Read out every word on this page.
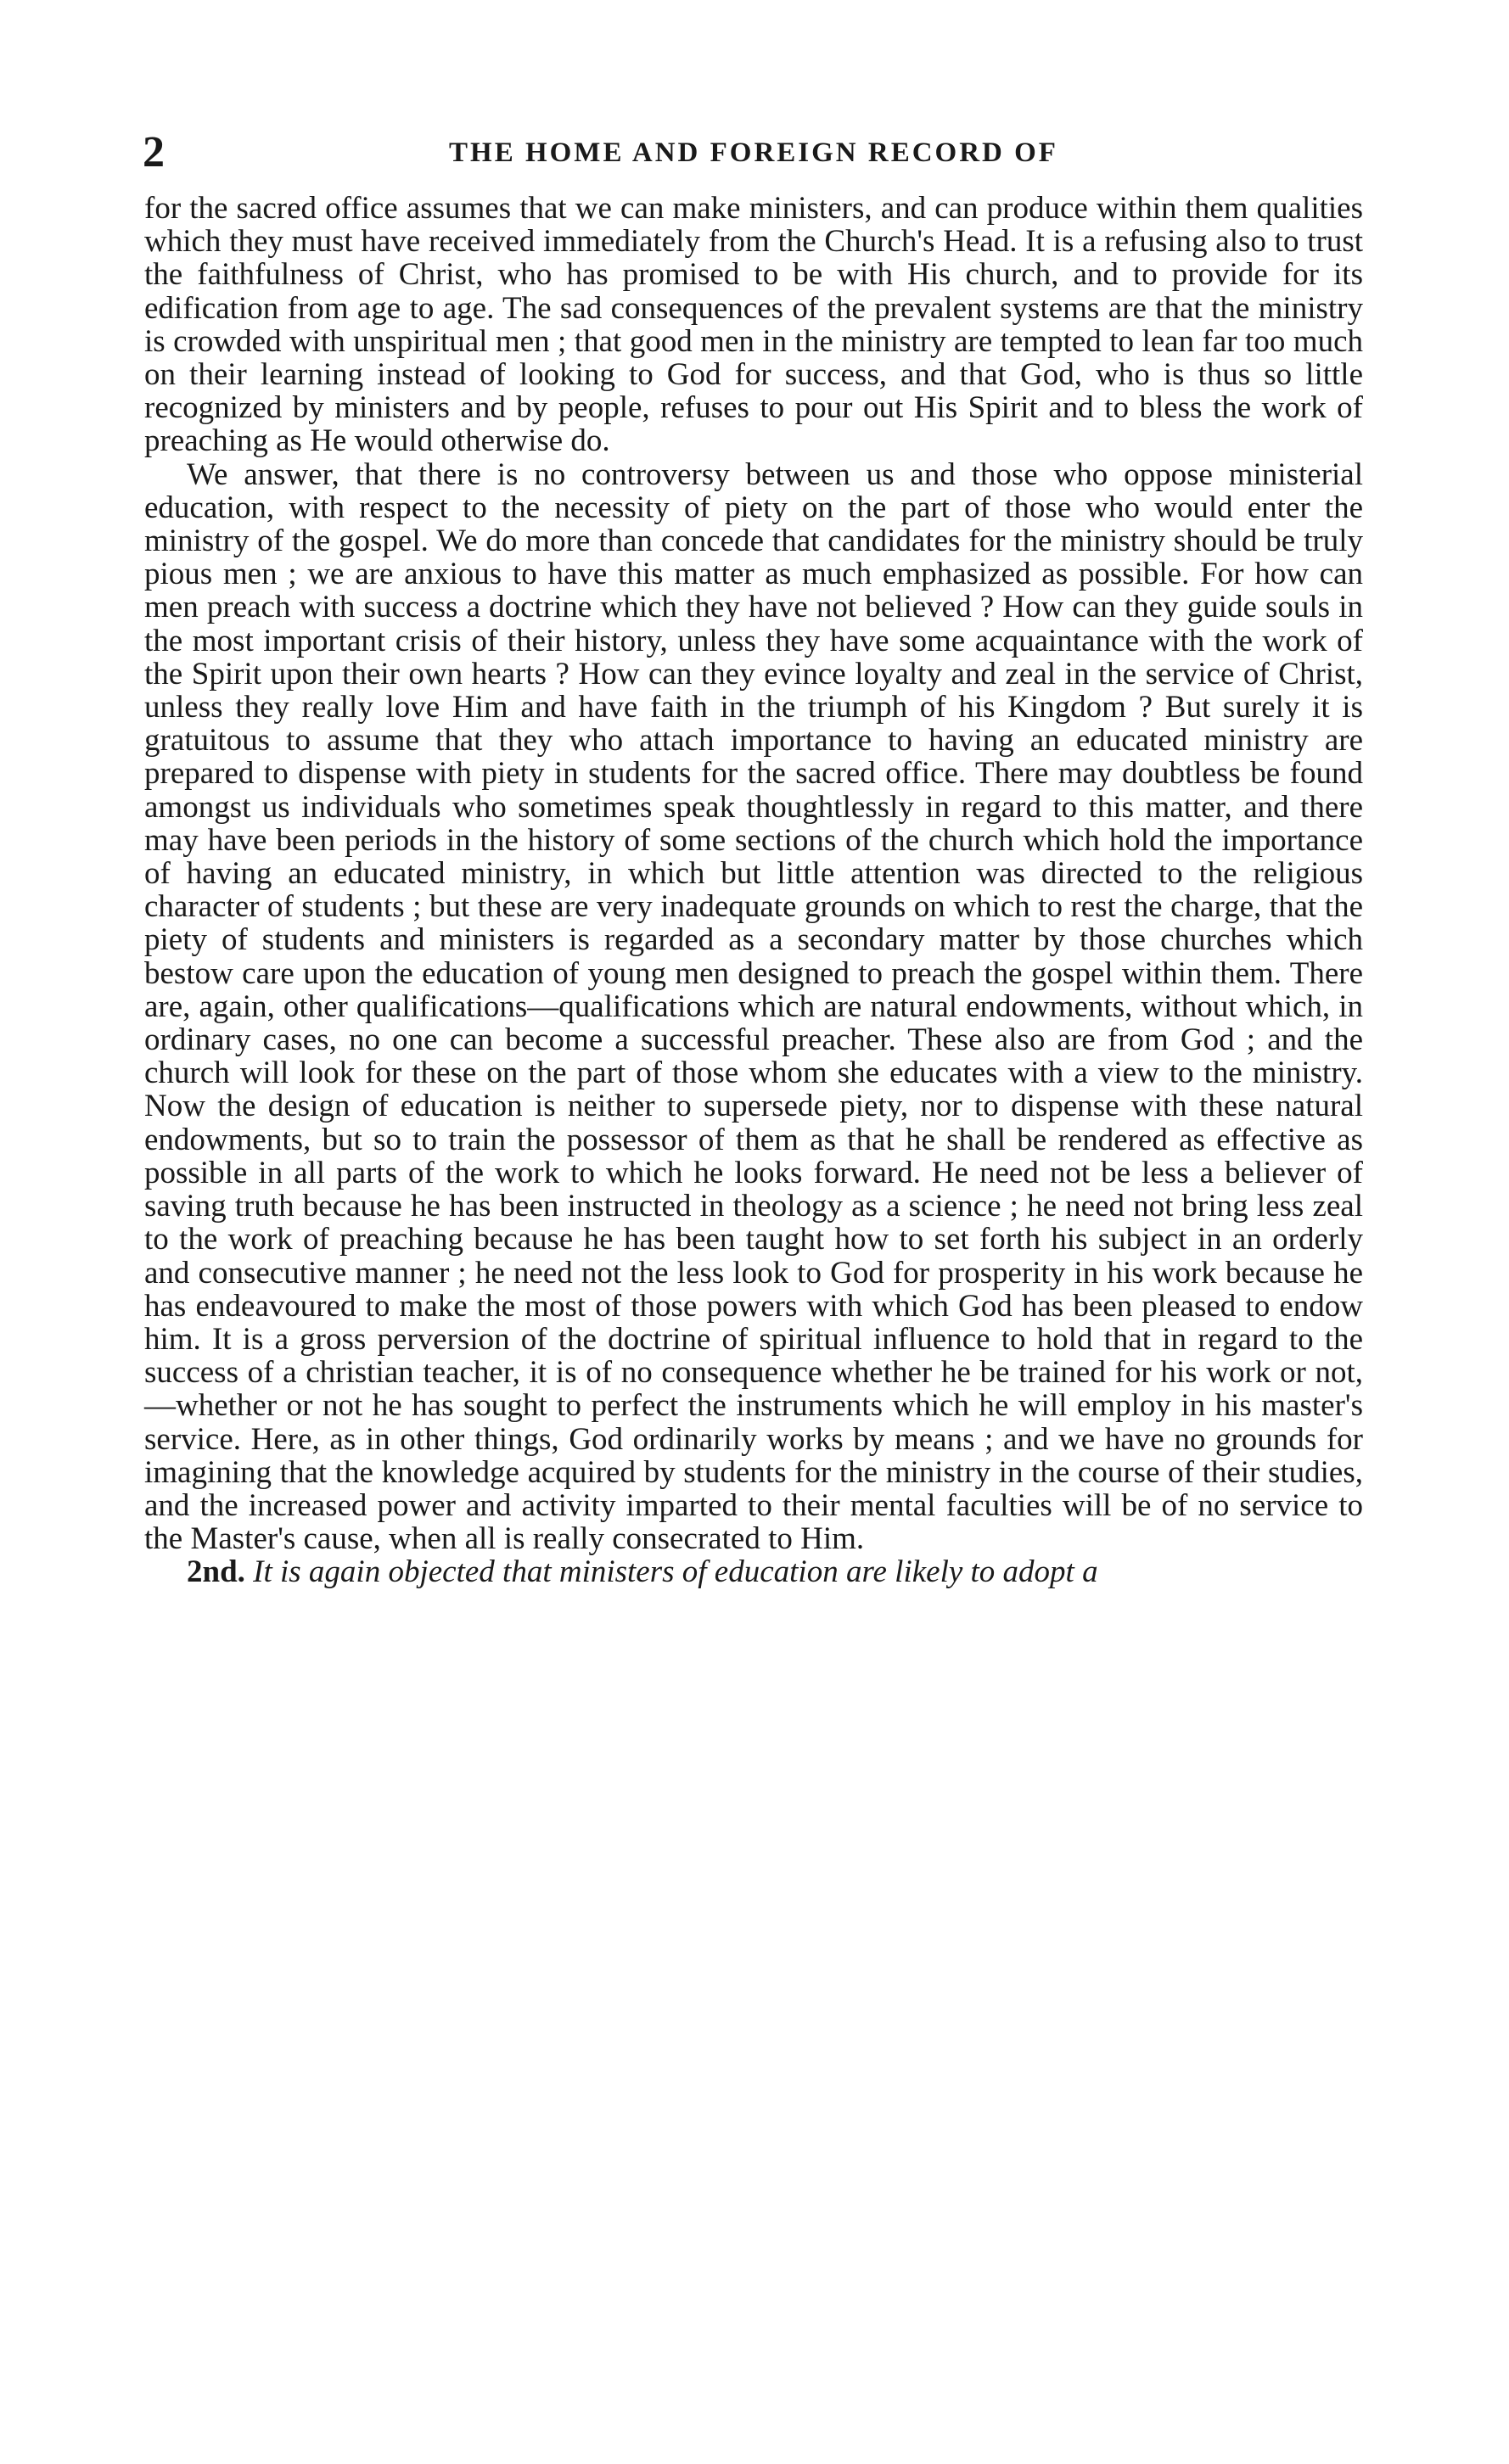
2	THE HOME AND FOREIGN RECORD OF

for the sacred office assumes that we can make ministers, and can produce within them qualities which they must have received immediately from the Church's Head. It is a refusing also to trust the faithfulness of Christ, who has promised to be with His church, and to provide for its edification from age to age. The sad consequences of the prevalent systems are that the ministry is crowded with unspiritual men ; that good men in the ministry are tempted to lean far too much on their learning instead of looking to God for success, and that God, who is thus so little recognized by ministers and by people, refuses to pour out His Spirit and to bless the work of preaching as He would otherwise do.

We answer, that there is no controversy between us and those who oppose ministerial education, with respect to the necessity of piety on the part of those who would enter the ministry of the gospel. We do more than concede that candidates for the ministry should be truly pious men ; we are anxious to have this matter as much emphasized as possible. For how can men preach with success a doctrine which they have not believed ? How can they guide souls in the most important crisis of their history, unless they have some acquaintance with the work of the Spirit upon their own hearts ? How can they evince loyalty and zeal in the service of Christ, unless they really love Him and have faith in the triumph of his Kingdom ? But surely it is gratuitous to assume that they who attach importance to having an educated ministry are prepared to dispense with piety in students for the sacred office. There may doubtless be found amongst us individuals who sometimes speak thoughtlessly in regard to this matter, and there may have been periods in the history of some sections of the church which hold the importance of having an educated ministry, in which but little attention was directed to the religious character of students ; but these are very inadequate grounds on which to rest the charge, that the piety of students and ministers is regarded as a secondary matter by those churches which bestow care upon the education of young men designed to preach the gospel within them. There are, again, other qualifications—qualifications which are natural endowments, without which, in ordinary cases, no one can become a successful preacher. These also are from God ; and the church will look for these on the part of those whom she educates with a view to the ministry. Now the design of education is neither to supersede piety, nor to dispense with these natural endowments, but so to train the possessor of them as that he shall be rendered as effective as possible in all parts of the work to which he looks forward. He need not be less a believer of saving truth because he has been instructed in theology as a science ; he need not bring less zeal to the work of preaching because he has been taught how to set forth his subject in an orderly and consecutive manner ; he need not the less look to God for prosperity in his work because he has endeavoured to make the most of those powers with which God has been pleased to endow him. It is a gross perversion of the doctrine of spiritual influence to hold that in regard to the success of a christian teacher, it is of no consequence whether he be trained for his work or not, —whether or not he has sought to perfect the instruments which he will employ in his master's service. Here, as in other things, God ordinarily works by means ; and we have no grounds for imagining that the knowledge acquired by students for the ministry in the course of their studies, and the increased power and activity imparted to their mental faculties will be of no service to the Master's cause, when all is really consecrated to Him.

2nd. It is again objected that ministers of education are likely to adopt a
